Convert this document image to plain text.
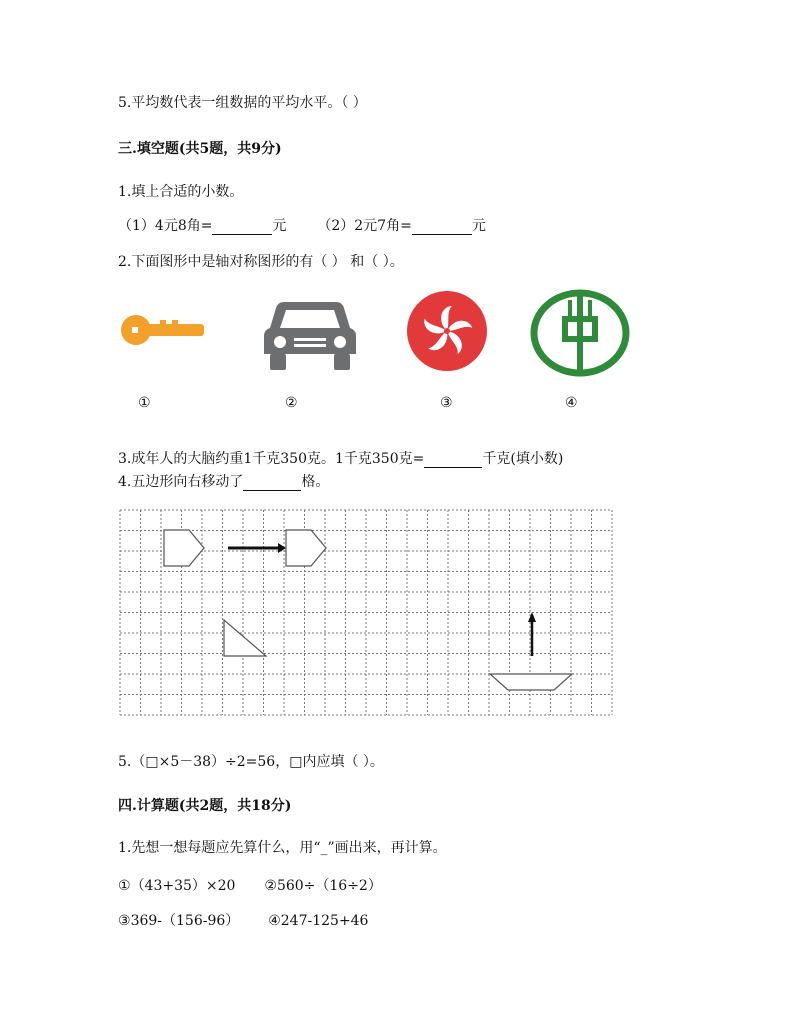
5.平均数代表一组数据的平均水平。（ ）
三.填空题(共5题，共9分)
1.填上合适的小数。
（1）4元8角=	元 （2）2元7角=	元
2.下面图形中是轴对称图形的有（ ） 和（ ）。
①	②	③	④
3.成年人的大脑约重1千克350克。1千克350克=	千克(填小数)
4.五边形向右移动了	格。
5.（□×5－38）÷2=56，□内应填（ ）。
四.计算题(共2题，共18分)
1.先想一想每题应先算什么，用“_”画出来，再计算。
①（43+35）×20 ②560÷（16÷2）
③369-（156-96） ④247-125+46
